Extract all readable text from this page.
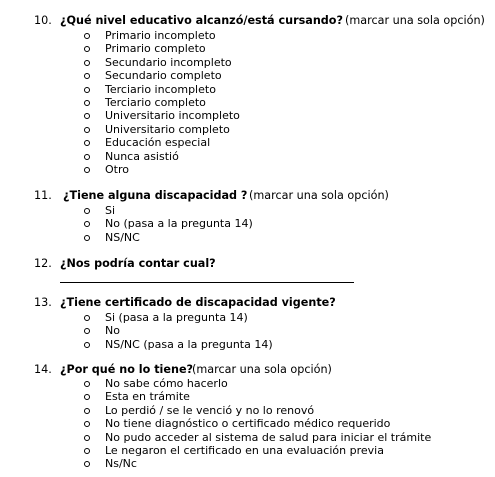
10. ¿Qué nivel educativo alcanzó/está cursando? (marcar una sola opción)
Primario incompleto
Primario completo
Secundario incompleto
Secundario completo
Terciario incompleto
Terciario completo
Universitario incompleto
Universitario completo
Educación especial
Nunca asistió
Otro
11. ¿Tiene alguna discapacidad ? (marcar una sola opción)
Si
No (pasa a la pregunta 14)
NS/NC
12. ¿Nos podría contar cual?
13. ¿Tiene certificado de discapacidad vigente?
Si (pasa a la pregunta 14)
No
NS/NC (pasa a la pregunta 14)
14. ¿Por qué no lo tiene?
(marcar una sola opción)
No sabe cómo hacerlo
Esta en trámite
Lo perdió / se le venció y no lo renovó
No tiene diagnóstico o certificado médico requerido
No pudo acceder al sistema de salud para iniciar el trámite
Le negaron el certificado en una evaluación previa
Ns/Nc
